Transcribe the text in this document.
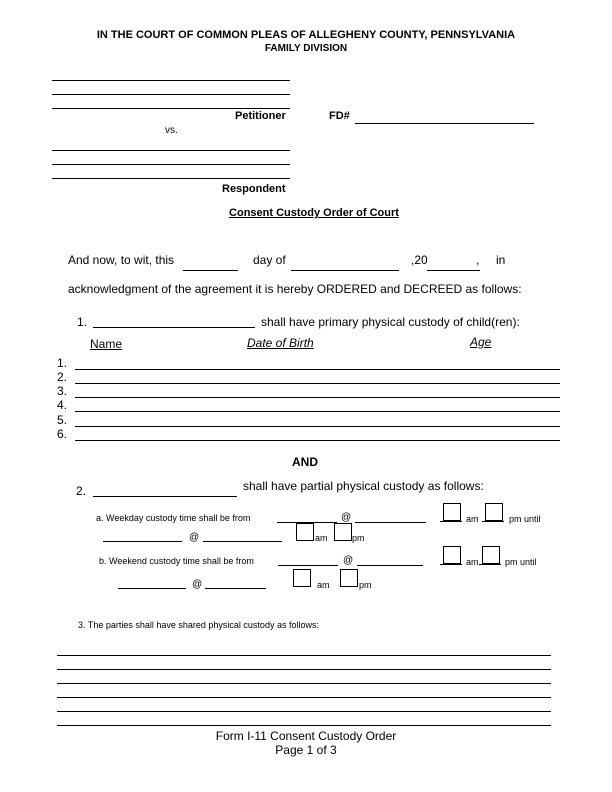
IN THE COURT OF COMMON PLEAS OF ALLEGHENY COUNTY, PENNSYLVANIA
FAMILY DIVISION
Petitioner
vs.
FD#
Respondent
Consent Custody Order of Court
And now, to wit, this	day of	,20	, in
acknowledgment of the agreement it is hereby ORDERED and DECREED as follows:
1.	shall have primary physical custody of child(ren):
Name	Date of Birth	Age
1.
2.
3.
4.
5.
6.
AND
2.	shall have partial physical custody as follows:
a. Weekday custody time shall be from	@	am	pm until
@	am	pm
b. Weekend custody time shall be from	@	am	pm until
@	am	pm
3. The parties shall have shared physical custody as follows:
Form I-11 Consent Custody Order
Page 1 of 3
